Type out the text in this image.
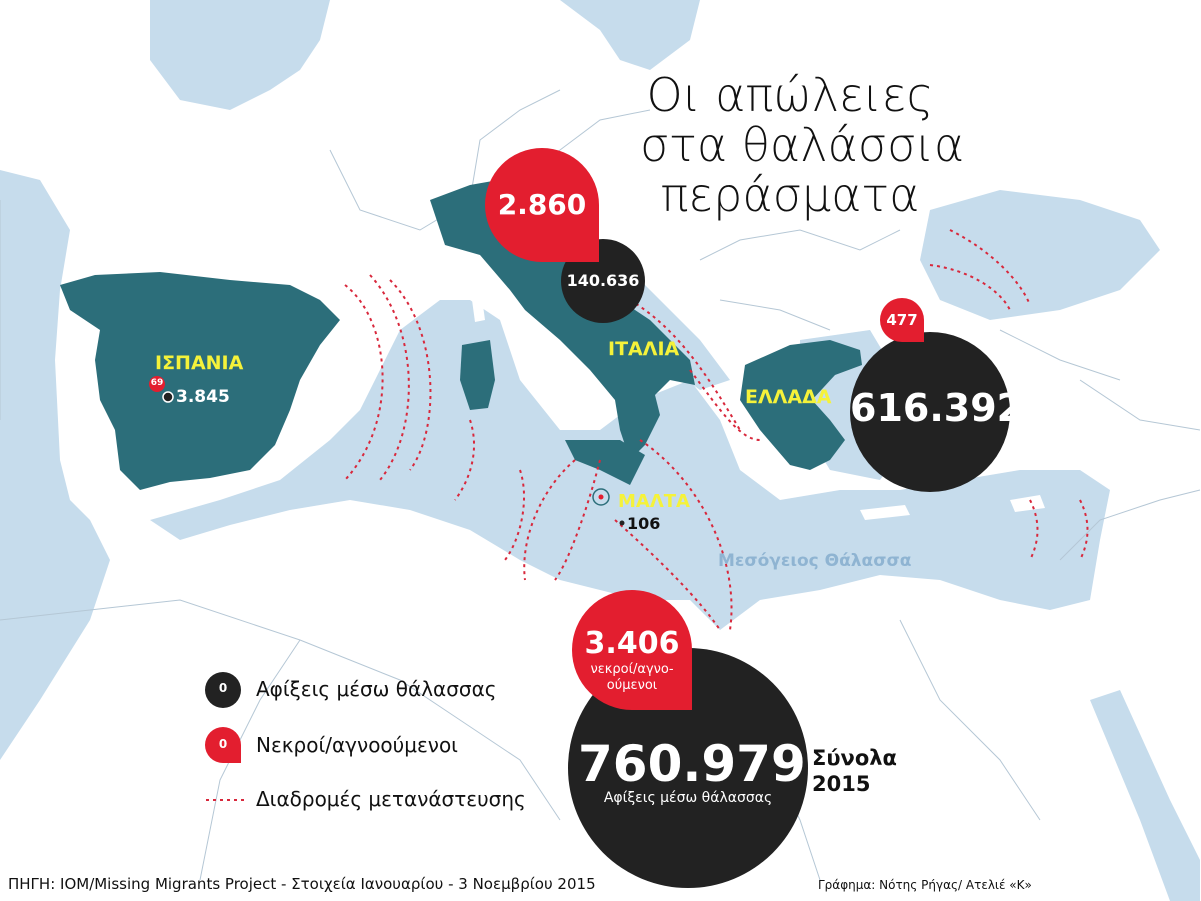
Οι απώλειες
στα θαλάσσια
περάσματα
ΙΣΠΑΝΙΑ
ΙΤΑΛΙΑ
ΕΛΛΑΔΑ
ΜΑΛΤΑ
Μεσόγειος Θάλασσα
69
3.845
2.860
140.636
106
477
616.392
3.406
νεκροί/αγνο-
ούμενοι
760.979
Αφίξεις μέσω θάλασσας
Σύνολα
2015
0	Αφίξεις μέσω θάλασσας
0	Νεκροί/αγνοούμενοι
Διαδρομές μετανάστευσης
ΠΗΓΗ: IOM/Missing Migrants Project - Στοιχεία Ιανουαρίου - 3 Νοεμβρίου 2015	Γράφημα: Νότης Ρήγας/ Ατελιέ «Κ»
